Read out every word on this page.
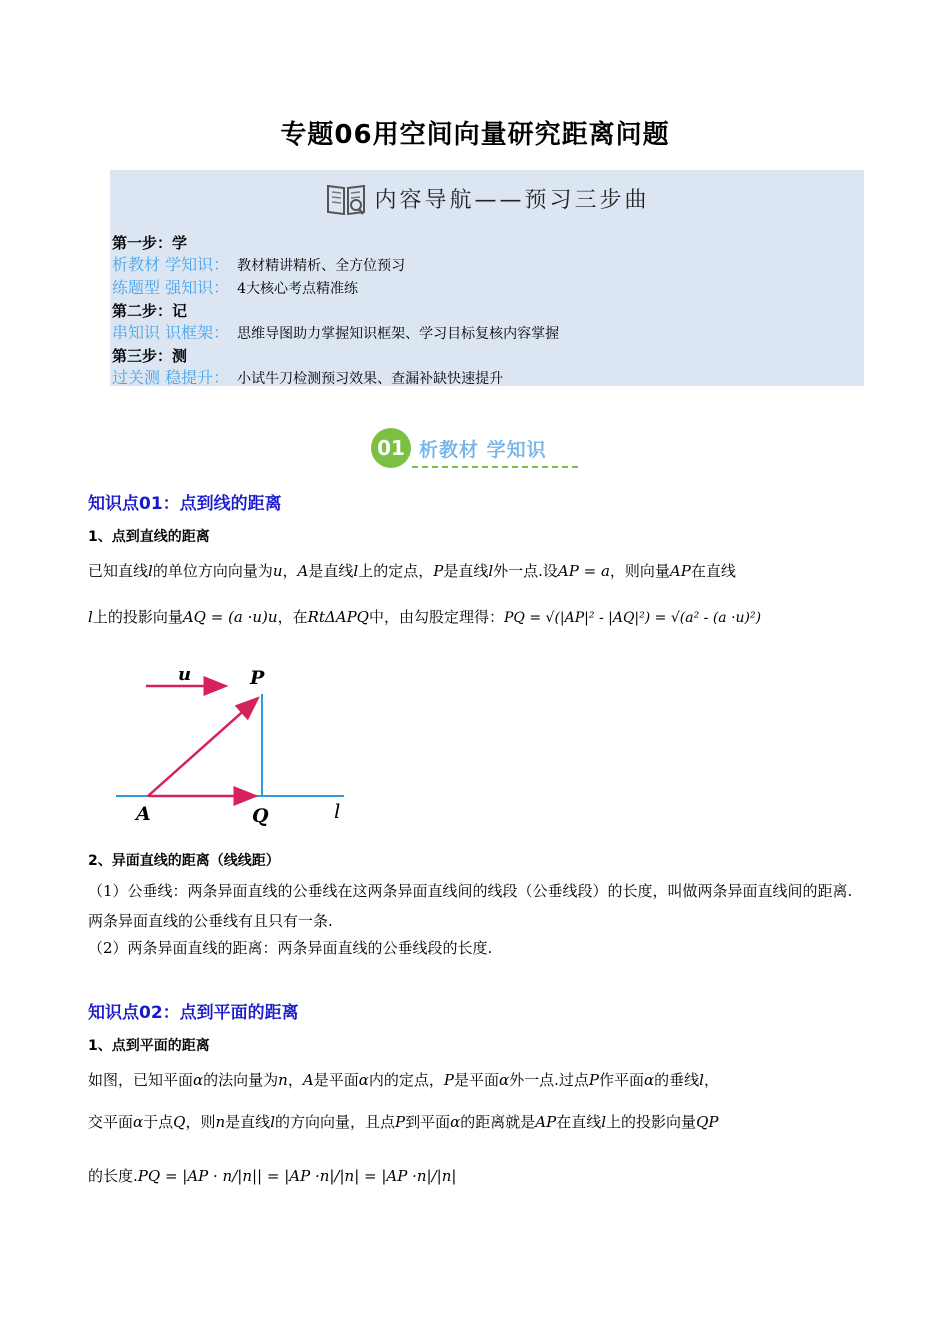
专题06用空间向量研究距离问题
内容导航——预习三步曲
第一步：学
析教材 学知识： 教材精讲精析、全方位预习
练题型 强知识： 4大核心考点精准练
第二步：记
串知识 识框架： 思维导图助力掌握知识框架、学习目标复核内容掌握
第三步：测
过关测 稳提升： 小试牛刀检测预习效果、查漏补缺快速提升
01 析教材 学知识
知识点01：点到线的距离
1、点到直线的距离
已知直线l的单位方向向量为u，A是直线l上的定点，P是直线l外一点.设AP = a，则向量AP在直线
l上的投影向量AQ = (a ·u)u，在RtΔAPQ中，由勾股定理得：PQ = √(|AP|² - |AQ|²) = √(a² - (a ·u)²)
u	P
A	Q	l
2、异面直线的距离（线线距）
（1）公垂线：两条异面直线的公垂线在这两条异面直线间的线段（公垂线段）的长度，叫做两条异面直线间的距离.两条异面直线的公垂线有且只有一条.
（2）两条异面直线的距离：两条异面直线的公垂线段的长度.
知识点02：点到平面的距离
1、点到平面的距离
如图，已知平面α的法向量为n，A是平面α内的定点，P是平面α外一点.过点P作平面α的垂线l，
交平面α于点Q，则n是直线l的方向向量，且点P到平面α的距离就是AP在直线l上的投影向量QP
的长度.PQ = |AP · n/|n|| = |AP ·n|/|n| = |AP ·n|/|n|
